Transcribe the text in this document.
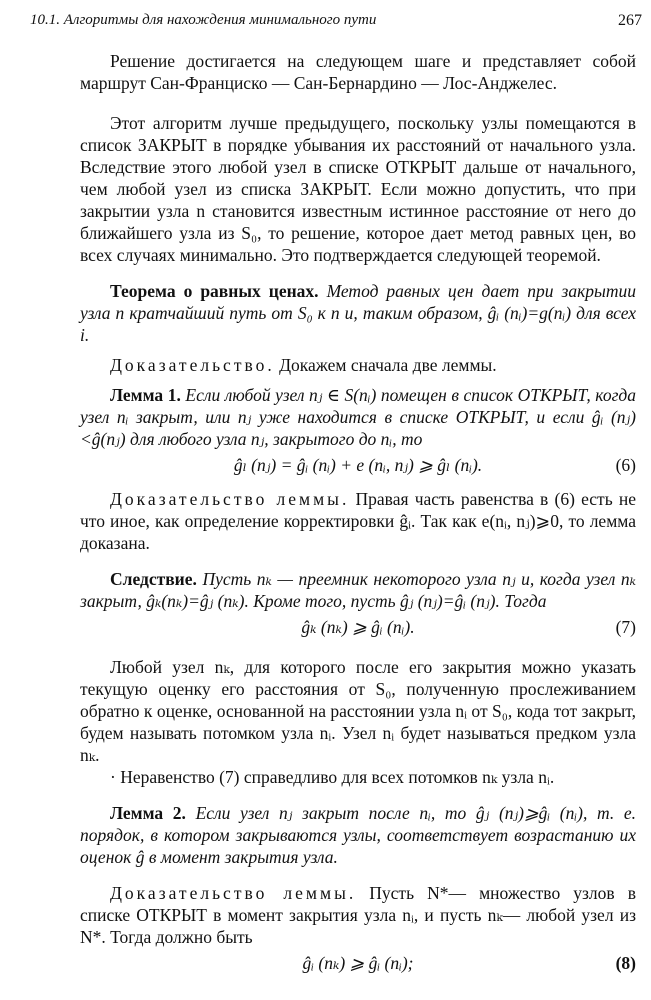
10.1. Алгоритмы для нахождения минимального пути	267

Решение достигается на следующем шаге и представляет собой маршрут Сан-Франциско — Сан-Бернардино — Лос-Анджелес.

Этот алгоритм лучше предыдущего, поскольку узлы помещаются в список ЗАКРЫТ в порядке убывания их расстояний от начального узла. Вследствие этого любой узел в списке ОТКРЫТ дальше от начального, чем любой узел из списка ЗАКРЫТ. Если можно допустить, что при закрытии узла n становится известным истинное расстояние от него до ближайшего узла из S₀, то решение, которое дает метод равных цен, во всех случаях минимально. Это подтверждается следующей теоремой.

Теорема о равных ценах. Метод равных цен дает при закрытии узла n кратчайший путь от S₀ к n и, таким образом, ĝᵢ (nᵢ)=g(nᵢ) для всех i.

Доказательство. Докажем сначала две леммы.

Лемма 1. Если любой узел nⱼ ∈ S(nᵢ) помещен в список ОТКРЫТ, когда узел nᵢ закрыт, или nⱼ уже находится в списке ОТКРЫТ, и если ĝᵢ (nⱼ)<ĝ(nⱼ) для любого узла nⱼ, закрытого до nᵢ, то

ĝₗ (nⱼ) = ĝᵢ (nᵢ) + e (nᵢ, nⱼ) ⩾ ĝₗ (nᵢ).	(6)

Доказательство леммы. Правая часть равенства в (6) есть не что иное, как определение корректировки ĝᵢ. Так как e(nᵢ, nⱼ)⩾0, то лемма доказана.

Следствие. Пусть nₖ — преемник некоторого узла nⱼ и, когда узел nₖ закрыт, ĝₖ(nₖ)=ĝⱼ (nₖ). Кроме того, пусть ĝⱼ (nⱼ)=ĝᵢ (nⱼ). Тогда

ĝₖ (nₖ) ⩾ ĝᵢ (nᵢ).	(7)

Любой узел nₖ, для которого после его закрытия можно указать текущую оценку его расстояния от S₀, полученную прослеживанием обратно к оценке, основанной на расстоянии узла nᵢ от S₀, кода тот закрыт, будем называть потомком узла nᵢ. Узел nᵢ будет называться предком узла nₖ.

· Неравенство (7) справедливо для всех потомков nₖ узла nᵢ.

Лемма 2. Если узел nⱼ закрыт после nᵢ, то ĝⱼ (nⱼ)⩾ĝᵢ (nᵢ), т. е. порядок, в котором закрываются узлы, соответствует возрастанию их оценок ĝ в момент закрытия узла.

Доказательство леммы. Пусть N*— множество узлов в списке ОТКРЫТ в момент закрытия узла nᵢ, и пусть nₖ— любой узел из N*. Тогда должно быть

ĝᵢ (nₖ) ⩾ ĝᵢ (nᵢ);	(8)
